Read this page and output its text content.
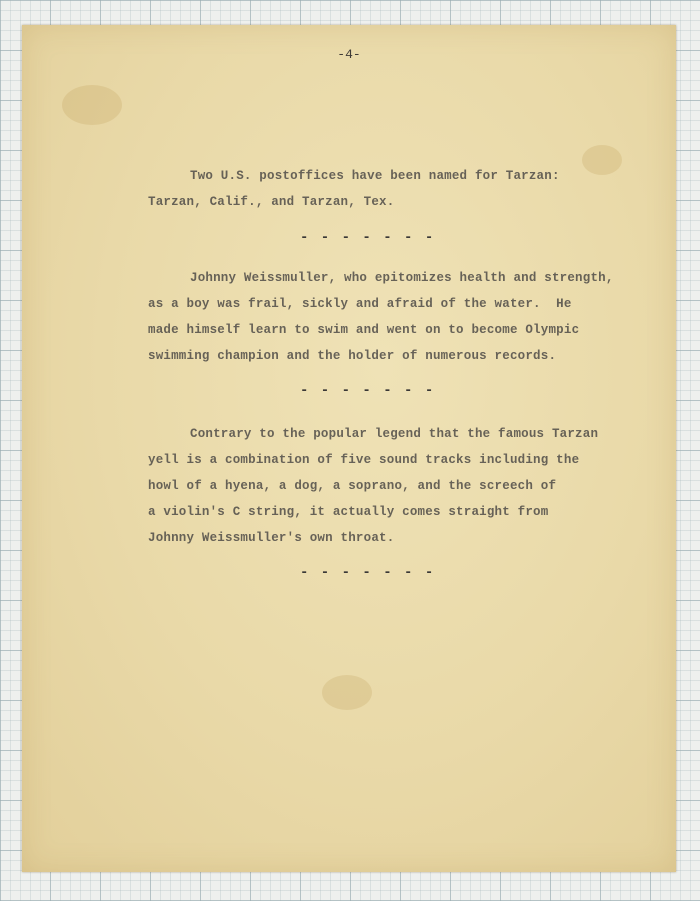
-4-
Two U.S. postoffices have been named for Tarzan:
Tarzan, Calif., and Tarzan, Tex.
- - - - - - -
Johnny Weissmuller, who epitomizes health and strength,
as a boy was frail, sickly and afraid of the water.  He
made himself learn to swim and went on to become Olympic
swimming champion and the holder of numerous records.
- - - - - - -
Contrary to the popular legend that the famous Tarzan
yell is a combination of five sound tracks including the
howl of a hyena, a dog, a soprano, and the screech of
a violin's C string, it actually comes straight from
Johnny Weissmuller's own throat.
- - - - - - -
